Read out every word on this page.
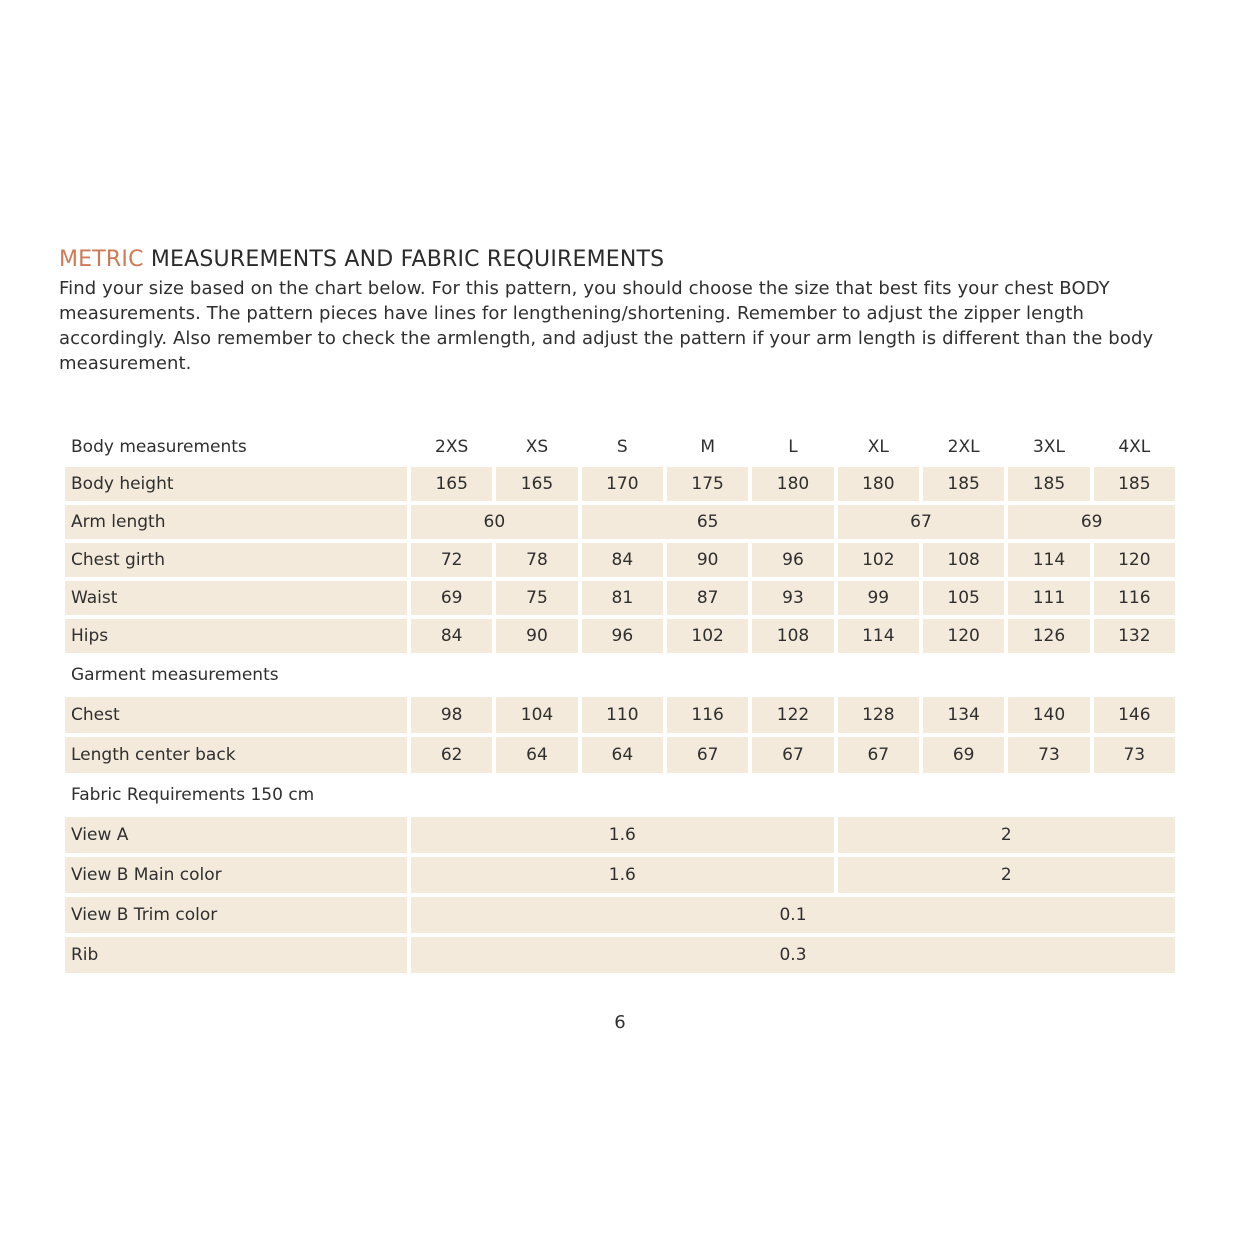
METRIC MEASUREMENTS AND FABRIC REQUIREMENTS

Find your size based on the chart below. For this pattern, you should choose the size that best fits your chest BODY measurements. The pattern pieces have lines for lengthening/shortening. Remember to adjust the zipper length accordingly. Also remember to check the armlength, and adjust the pattern if your arm length is different than the body measurement.

Body measurements	2XS	XS	S	M	L	XL	2XL	3XL	4XL
Body height	165	165	170	175	180	180	185	185	185
Arm length	60		65			67		69	
Chest girth	72	78	84	90	96	102	108	114	120
Waist	69	75	81	87	93	99	105	111	116
Hips	84	90	96	102	108	114	120	126	132
Garment measurements									
Chest	98	104	110	116	122	128	134	140	146
Length center back	62	64	64	67	67	67	69	73	73
Fabric Requirements 150 cm									
View A	1.6					2			
View B Main color	1.6					2			
View B Trim color	0.1								
Rib	0.3								
6
